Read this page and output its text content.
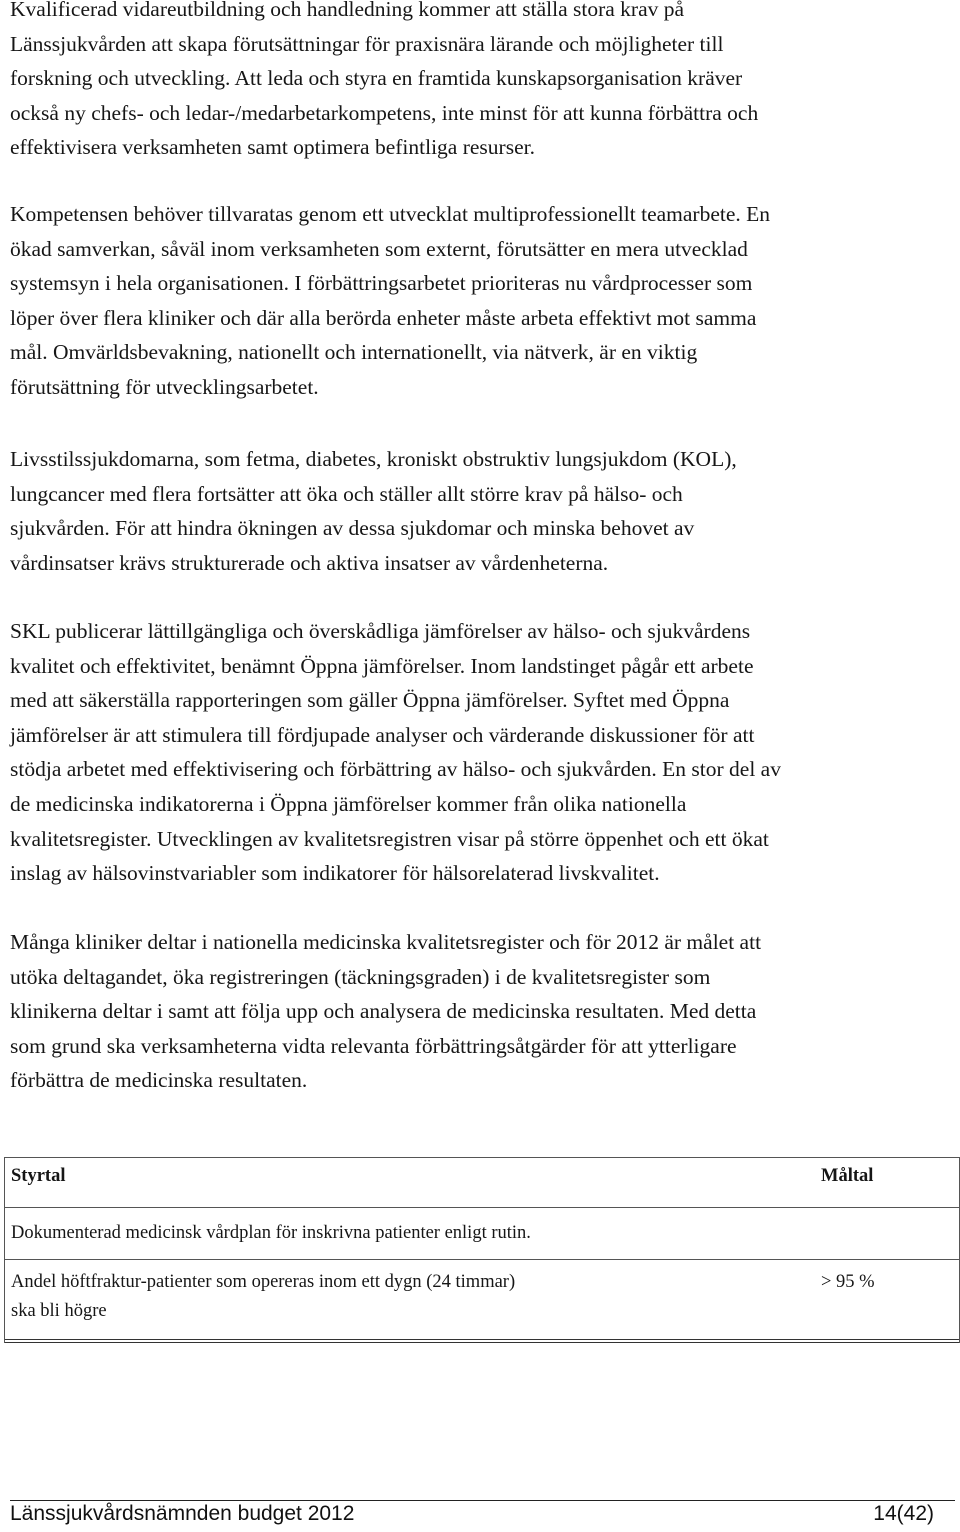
Kvalificerad vidareutbildning och handledning kommer att ställa stora krav på
Länssjukvården att skapa förutsättningar för praxisnära lärande och möjligheter till
forskning och utveckling. Att leda och styra en framtida kunskapsorganisation kräver
också ny chefs- och ledar-/medarbetarkompetens, inte minst för att kunna förbättra och
effektivisera verksamheten samt optimera befintliga resurser.

Kompetensen behöver tillvaratas genom ett utvecklat multiprofessionellt teamarbete. En
ökad samverkan, såväl inom verksamheten som externt, förutsätter en mera utvecklad
systemsyn i hela organisationen. I förbättringsarbetet prioriteras nu vårdprocesser som
löper över flera kliniker och där alla berörda enheter måste arbeta effektivt mot samma
mål. Omvärldsbevakning, nationellt och internationellt, via nätverk, är en viktig
förutsättning för utvecklingsarbetet.

Livsstilssjukdomarna, som fetma, diabetes, kroniskt obstruktiv lungsjukdom (KOL),
lungcancer med flera fortsätter att öka och ställer allt större krav på hälso- och
sjukvården. För att hindra ökningen av dessa sjukdomar och minska behovet av
vårdinsatser krävs strukturerade och aktiva insatser av vårdenheterna.

SKL publicerar lättillgängliga och överskådliga jämförelser av hälso- och sjukvårdens
kvalitet och effektivitet, benämnt Öppna jämförelser. Inom landstinget pågår ett arbete
med att säkerställa rapporteringen som gäller Öppna jämförelser. Syftet med Öppna
jämförelser är att stimulera till fördjupade analyser och värderande diskussioner för att
stödja arbetet med effektivisering och förbättring av hälso- och sjukvården. En stor del av
de medicinska indikatorerna i Öppna jämförelser kommer från olika nationella
kvalitetsregister. Utvecklingen av kvalitetsregistren visar på större öppenhet och ett ökat
inslag av hälsovinstvariabler som indikatorer för hälsorelaterad livskvalitet.

Många kliniker deltar i nationella medicinska kvalitetsregister och för 2012 är målet att
utöka deltagandet, öka registreringen (täckningsgraden) i de kvalitetsregister som
klinikerna deltar i samt att följa upp och analysera de medicinska resultaten. Med detta
som grund ska verksamheterna vidta relevanta förbättringsåtgärder för att ytterligare
förbättra de medicinska resultaten.

Styrtal	Måltal
Dokumenterad medicinsk vårdplan för inskrivna patienter enligt rutin.
Andel höftfraktur-patienter som opereras inom ett dygn (24 timmar)
ska bli högre
> 95 %
Länssjukvårdsnämnden budget 2012	14(42)
